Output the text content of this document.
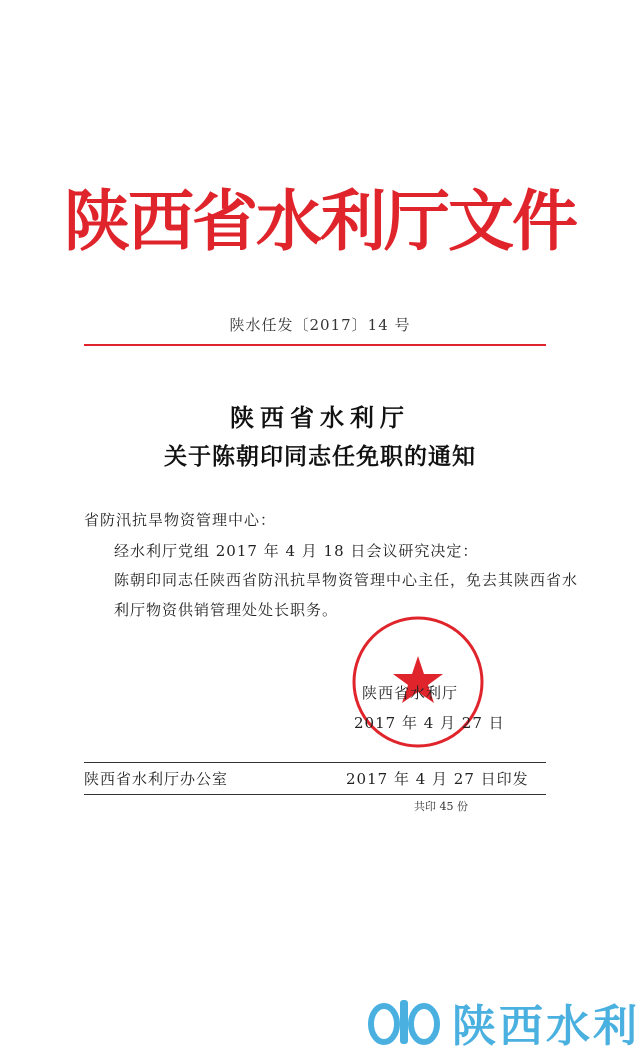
陕西省水利厅文件
陕水任发〔2017〕14 号
陕西省水利厅
关于陈朝印同志任免职的通知
省防汛抗旱物资管理中心：
经水利厅党组 2017 年 4 月 18 日会议研究决定：
陈朝印同志任陕西省防汛抗旱物资管理中心主任，免去其陕西省水利厅物资供销管理处处长职务。
陕西省水利厅
2017 年 4 月 27 日
陕西省水利厅办公室	2017 年 4 月 27 日印发
共印 45 份
陕西水利
